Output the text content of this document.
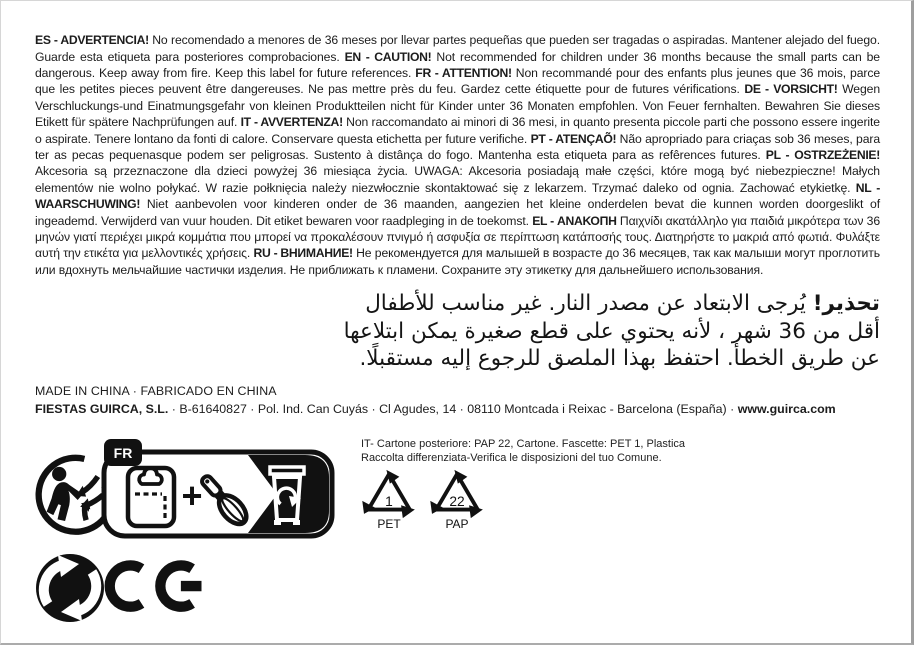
ES - ADVERTENCIA! No recomendado a menores de 36 meses por llevar partes pequeñas que pueden ser tragadas o aspiradas. Mantener alejado del fuego. Guarde esta etiqueta para posteriores comprobaciones. EN - CAUTION! Not recommended for children under 36 months because the small parts can be dangerous. Keep away from fire. Keep this label for future references. FR - ATTENTION! Non recommandé pour des enfants plus jeunes que 36 mois, parce que les petites pieces peuvent être dangereuses. Ne pas mettre près du feu. Gardez cette étiquette pour de futures vérifications. DE - VORSICHT! Wegen Verschluckungs-und Einatmungsgefahr von kleinen Produktteilen nicht für Kinder unter 36 Monaten empfohlen. Von Feuer fernhalten. Bewahren Sie dieses Etikett für spätere Nachprüfungen auf. IT - AVVERTENZA! Non raccomandato ai minori di 36 mesi, in quanto presenta piccole parti che possono essere ingerite o aspirate. Tenere lontano da fonti di calore. Conservare questa etichetta per future verifiche. PT - ATENÇAÕ! Não apropriado para criaças sob 36 meses, para ter as pecas pequenasque podem ser peligrosas. Sustento à distânça do fogo. Mantenha esta etiqueta para as refêrences futures. PL - OSTRZEŻENIE! Akcesoria są przeznaczone dla dzieci powyżej 36 miesiąca życia. UWAGA: Akcesoria posiadają małe części, które mogą być niebezpieczne! Małych elementów nie wolno połykać. W razie połknięcia należy niezwłocznie skontaktować się z lekarzem. Trzymać daleko od ognia. Zachować etykietkę. NL - WAARSCHUWING! Niet aanbevolen voor kinderen onder de 36 maanden, aangezien het kleine onderdelen bevat die kunnen worden doorgeslikt of ingeademd. Verwijderd van vuur houden. Dit etiket bewaren voor raadpleging in de toekomst. EL - ΑΝΑΚΟΠΗ Παιχνίδι ακατάλληλο για παιδιά μικρότερα των 36 μηνών γιατί περιέχει μικρά κομμάτια που μπορεί να προκαλέσουν πνιγμό ή ασφυξία σε περίπτωση κατάποσής τους. Διατηρήστε το μακριά από φωτιά. Φυλάξτε αυτή την ετικέτα για μελλοντικές χρήσεις. RU - ВНИМАНИЕ! Не рекомендуется для малышей в возрасте до 36 месяцев, так как малыши могут проглотить или вдохнуть мельчайшие частички изделия. Не приближать к пламени. Сохраните эту этикетку для дальнейшего использования.

تحذير! يُرجى الابتعاد عن مصدر النار. غير مناسب للأطفال أقل من 36 شهر ، لأنه يحتوي على قطع صغيرة يمكن ابتلاعها عن طريق الخطأ. احتفظ بهذا الملصق للرجوع إليه مستقبلًا.
MADE IN CHINA · FABRICADO EN CHINA
FIESTAS GUIRCA, S.L. · B-61640827 · Pol. Ind. Can Cuyás · Cl Agudes, 14 · 08110 Montcada i Reixac - Barcelona (España) · www.guirca.com
FR
+
IT- Cartone posteriore: PAP 22, Cartone. Fascette: PET 1, Plastica
Raccolta differenziata-Verifica le disposizioni del tuo Comune.
1
PET
22
PAP
